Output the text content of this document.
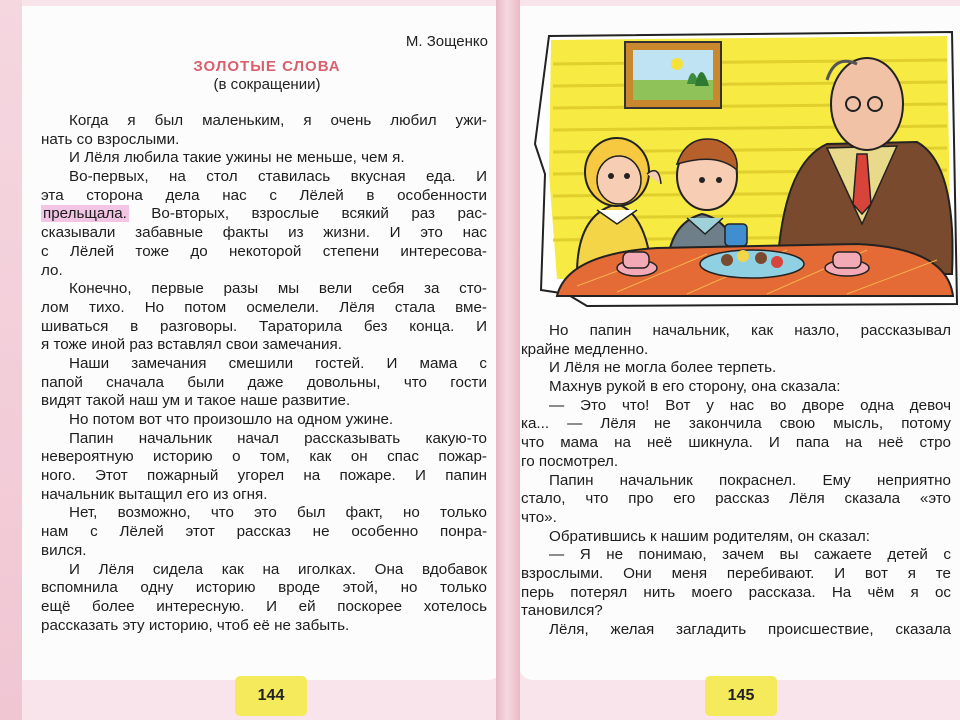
М. Зощенко
ЗОЛОТЫЕ СЛОВА
(в сокращении)
Когда я был маленьким, я очень любил ужи-
нать со взрослыми.
И Лёля любила такие ужины не меньше, чем я.
Во-первых, на стол ставилась вкусная еда. И
эта сторона дела нас с Лёлей в особенности
прельщала. Во-вторых, взрослые всякий раз рас-
сказывали забавные факты из жизни. И это нас
с Лёлей тоже до некоторой степени интересова-
ло.
Конечно, первые разы мы вели себя за сто-
лом тихо. Но потом осмелели. Лёля стала вме-
шиваться в разговоры. Тараторила без конца. И
я тоже иной раз вставлял свои замечания.
Наши замечания смешили гостей. И мама с
папой сначала были даже довольны, что гости
видят такой наш ум и такое наше развитие.
Но потом вот что произошло на одном ужине.
Папин начальник начал рассказывать какую-то
невероятную историю о том, как он спас пожар-
ного. Этот пожарный угорел на пожаре. И папин
начальник вытащил его из огня.
Нет, возможно, что это был факт, но только
нам с Лёлей этот рассказ не особенно понра-
вился.
И Лёля сидела как на иголках. Она вдобавок
вспомнила одну историю вроде этой, но только
ещё более интересную. И ей поскорее хотелось
рассказать эту историю, чтоб её не забыть.
144
Но папин начальник, как назло, рассказывал
крайне медленно.
И Лёля не могла более терпеть.
Махнув рукой в его сторону, она сказала:
— Это что! Вот у нас во дворе одна девоч
ка... — Лёля не закончила свою мысль, потому
что мама на неё шикнула. И папа на неё стро
го посмотрел.
Папин начальник покраснел. Ему неприятно
стало, что про его рассказ Лёля сказала «это
что».
Обратившись к нашим родителям, он сказал:
— Я не понимаю, зачем вы сажаете детей с
взрослыми. Они меня перебивают. И вот я те
перь потерял нить моего рассказа. На чём я ос
тановился?
Лёля, желая загладить происшествие, сказала
145
